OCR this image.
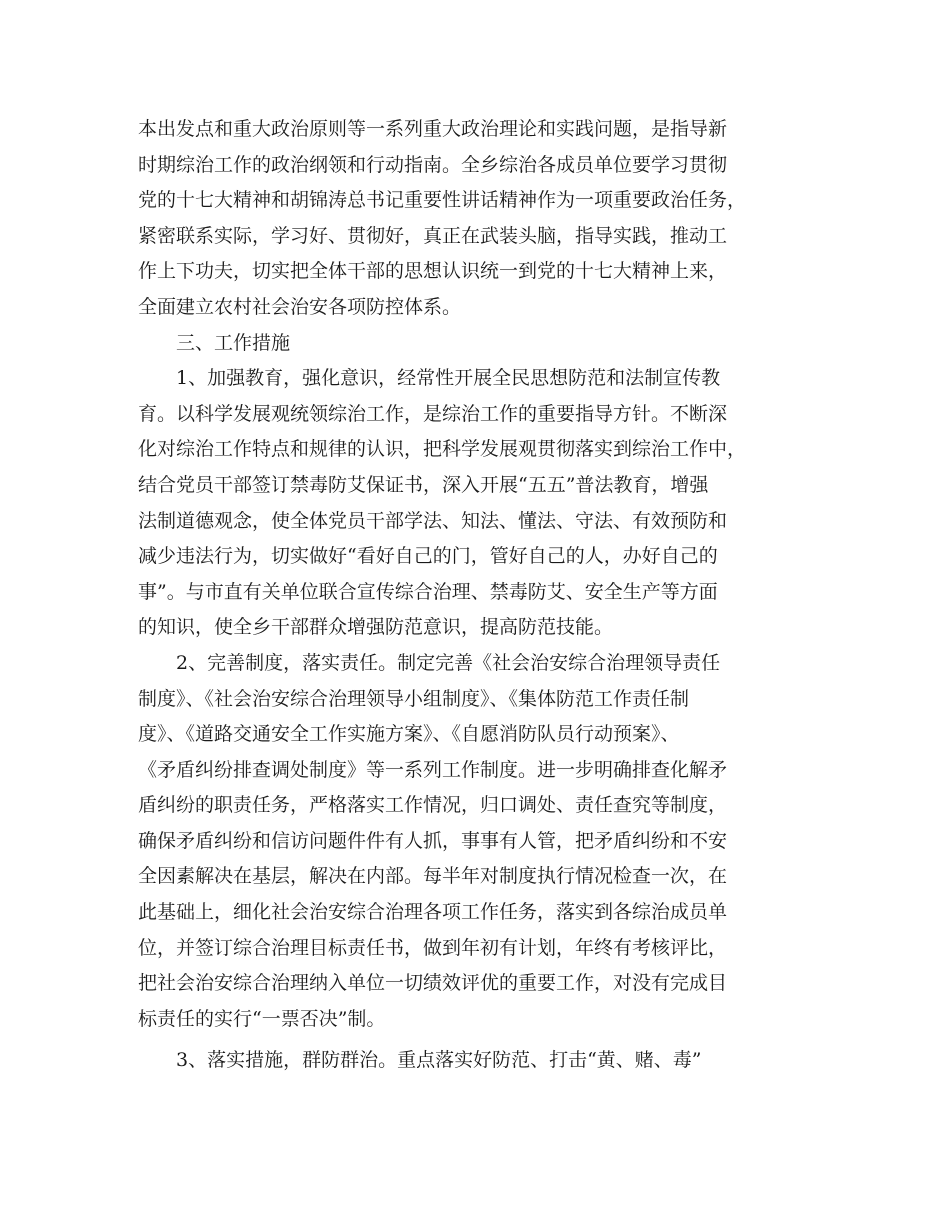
本出发点和重大政治原则等一系列重大政治理论和实践问题，是指导新
时期综治工作的政治纲领和行动指南。全乡综治各成员单位要学习贯彻
党的十七大精神和胡锦涛总书记重要性讲话精神作为一项重要政治任务，
紧密联系实际，学习好、贯彻好，真正在武装头脑，指导实践，推动工
作上下功夫，切实把全体干部的思想认识统一到党的十七大精神上来，
全面建立农村社会治安各项防控体系。
三、工作措施
1、加强教育，强化意识，经常性开展全民思想防范和法制宣传教
育。以科学发展观统领综治工作，是综治工作的重要指导方针。不断深
化对综治工作特点和规律的认识，把科学发展观贯彻落实到综治工作中，
结合党员干部签订禁毒防艾保证书，深入开展“五五”普法教育，增强
法制道德观念，使全体党员干部学法、知法、懂法、守法、有效预防和
减少违法行为，切实做好“看好自己的门，管好自己的人，办好自己的
事”。与市直有关单位联合宣传综合治理、禁毒防艾、安全生产等方面
的知识，使全乡干部群众增强防范意识，提高防范技能。
2、完善制度，落实责任。制定完善《社会治安综合治理领导责任
制度》、《社会治安综合治理领导小组制度》、《集体防范工作责任制
度》、《道路交通安全工作实施方案》、《自愿消防队员行动预案》、
《矛盾纠纷排查调处制度》等一系列工作制度。进一步明确排查化解矛
盾纠纷的职责任务，严格落实工作情况，归口调处、责任查究等制度，
确保矛盾纠纷和信访问题件件有人抓，事事有人管，把矛盾纠纷和不安
全因素解决在基层，解决在内部。每半年对制度执行情况检查一次，在
此基础上，细化社会治安综合治理各项工作任务，落实到各综治成员单
位，并签订综合治理目标责任书，做到年初有计划，年终有考核评比，
把社会治安综合治理纳入单位一切绩效评优的重要工作，对没有完成目
标责任的实行“一票否决”制。
3、落实措施，群防群治。重点落实好防范、打击“黄、赌、毒”
